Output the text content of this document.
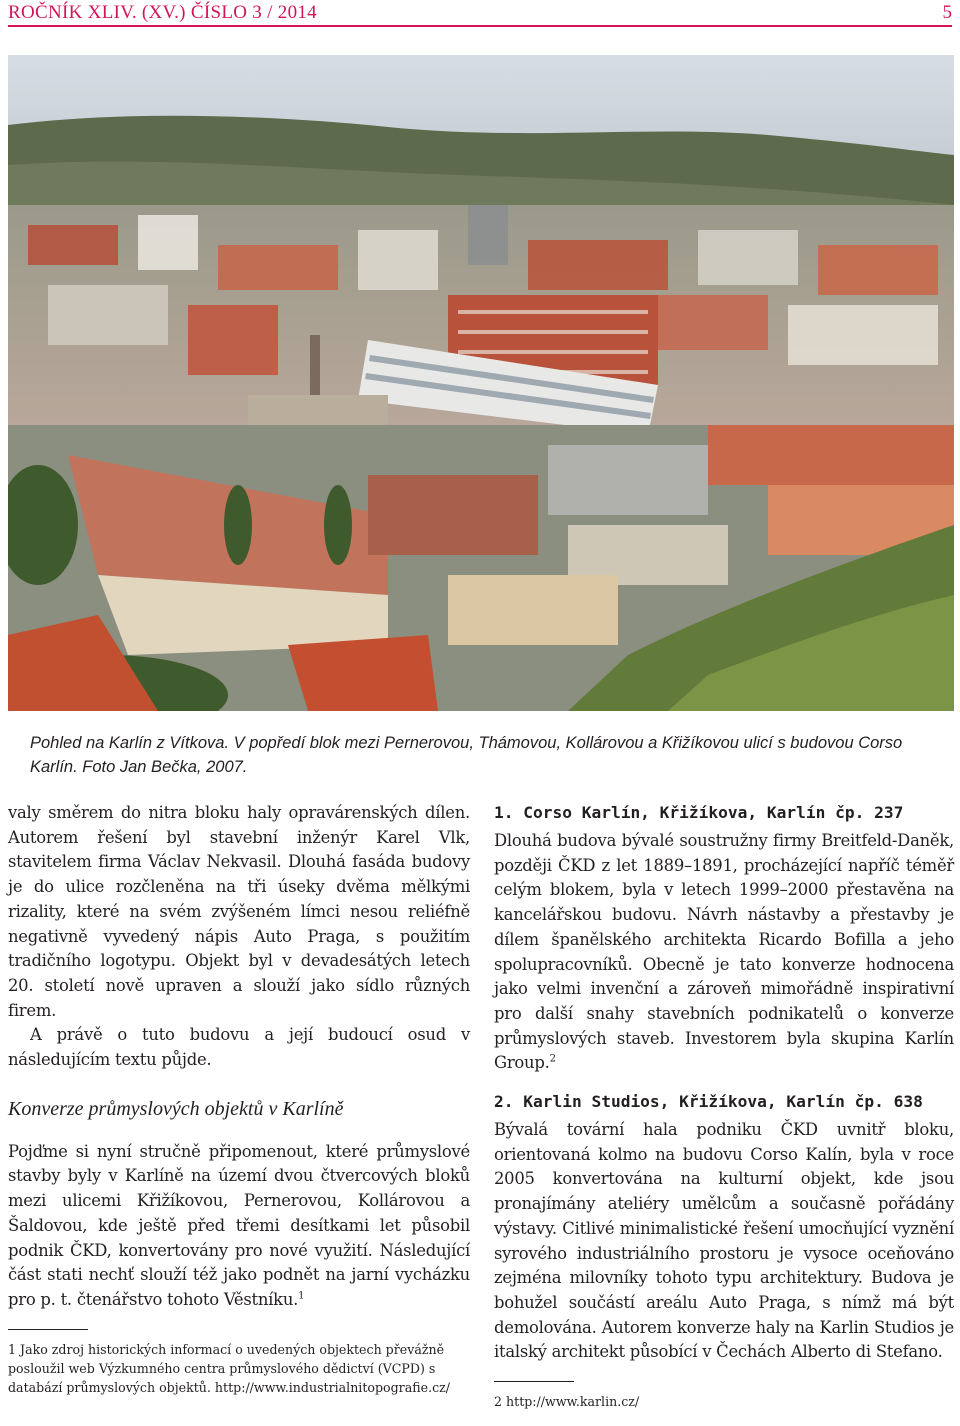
ROČNÍK XLIV. (XV.) ČÍSLO 3 / 2014	5
Pohled na Karlín z Vítkova. V popředí blok mezi Pernerovou, Thámovou, Kollárovou a Křižíkovou ulicí s budovou Corso Karlín. Foto Jan Bečka, 2007.

valy směrem do nitra bloku haly opravárenských dílen. Autorem řešení byl stavební inženýr Karel Vlk, stavitelem firma Václav Nekvasil. Dlouhá fasáda budovy je do ulice rozčleněna na tři úseky dvěma mělkými rizality, které na svém zvýšeném límci nesou reliéfně negativně vyvedený nápis Auto Praga, s použitím tradičního logotypu. Objekt byl v devadesátých letech 20. století nově upraven a slouží jako sídlo různých firem.

A právě o tuto budovu a její budoucí osud v následujícím textu půjde.

Konverze průmyslových objektů v Karlíně

Pojďme si nyní stručně připomenout, které průmyslové stavby byly v Karlíně na území dvou čtvercových bloků mezi ulicemi Křižíkovou, Pernerovou, Kollárovou a Šaldovou, kde ještě před třemi desítkami let působil podnik ČKD, konvertovány pro nové využití. Následující část stati nechť slouží též jako podnět na jarní vycházku pro p. t. čtenářstvo tohoto Věstníku.$^1$

1 Jako zdroj historických informací o uvedených objektech převážně posloužil web Výzkumného centra průmyslového dědictví (VCPD) s databází průmyslových objektů. http://www.industrialnitopografie.cz/

1. Corso Karlín, Křižíkova, Karlín čp. 237

Dlouhá budova bývalé soustružny firmy Breitfeld-Daněk, později ČKD z let 1889–1891, procházející napříč téměř celým blokem, byla v letech 1999–2000 přestavěna na kancelářskou budovu. Návrh nástavby a přestavby je dílem španělského architekta Ricardo Bofilla a jeho spolupracovníků. Obecně je tato konverze hodnocena jako velmi invenční a zároveň mimořádně inspirativní pro další snahy stavebních podnikatelů o konverze průmyslových staveb. Investorem byla skupina Karlín Group.$^2$

2. Karlin Studios, Křižíkova, Karlín čp. 638

Bývalá tovární hala podniku ČKD uvnitř bloku, orientovaná kolmo na budovu Corso Kalín, byla v roce 2005 konvertována na kulturní objekt, kde jsou pronajímány ateliéry umělcům a současně pořádány výstavy. Citlivé minimalistické řešení umocňující vyznění syrového industriálního prostoru je vysoce oceňováno zejména milovníky tohoto typu architektury. Budova je bohužel součástí areálu Auto Praga, s nímž má být demolována. Autorem konverze haly na Karlin Studios je italský architekt působící v Čechách Alberto di Stefano.

2 http://www.karlin.cz/
